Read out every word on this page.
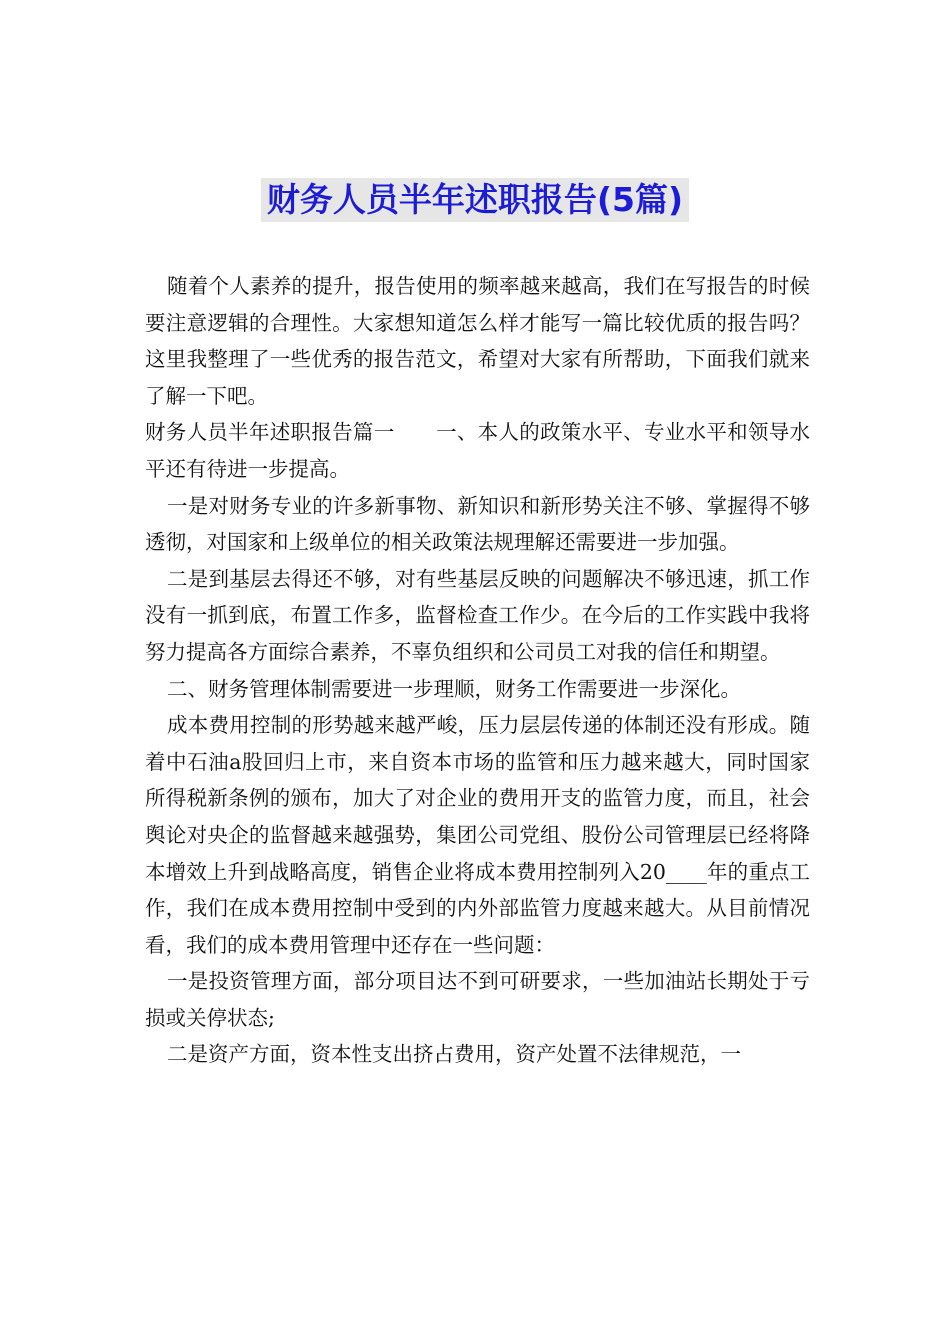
财务人员半年述职报告(5篇)

随着个人素养的提升，报告使用的频率越来越高，我们在写报告的时候要注意逻辑的合理性。大家想知道怎么样才能写一篇比较优质的报告吗？这里我整理了一些优秀的报告范文，希望对大家有所帮助，下面我们就来了解一下吧。

财务人员半年述职报告篇一　　一、本人的政策水平、专业水平和领导水平还有待进一步提高。

一是对财务专业的许多新事物、新知识和新形势关注不够、掌握得不够透彻，对国家和上级单位的相关政策法规理解还需要进一步加强。

二是到基层去得还不够，对有些基层反映的问题解决不够迅速，抓工作没有一抓到底，布置工作多，监督检查工作少。在今后的工作实践中我将努力提高各方面综合素养，不辜负组织和公司员工对我的信任和期望。

二、财务管理体制需要进一步理顺，财务工作需要进一步深化。

成本费用控制的形势越来越严峻，压力层层传递的体制还没有形成。随着中石油a股回归上市，来自资本市场的监管和压力越来越大，同时国家所得税新条例的颁布，加大了对企业的费用开支的监管力度，而且，社会舆论对央企的监督越来越强势，集团公司党组、股份公司管理层已经将降本增效上升到战略高度，销售企业将成本费用控制列入20____年的重点工作，我们在成本费用控制中受到的内外部监管力度越来越大。从目前情况看，我们的成本费用管理中还存在一些问题：

一是投资管理方面，部分项目达不到可研要求，一些加油站长期处于亏损或关停状态;

二是资产方面，资本性支出挤占费用，资产处置不法律规范，一
